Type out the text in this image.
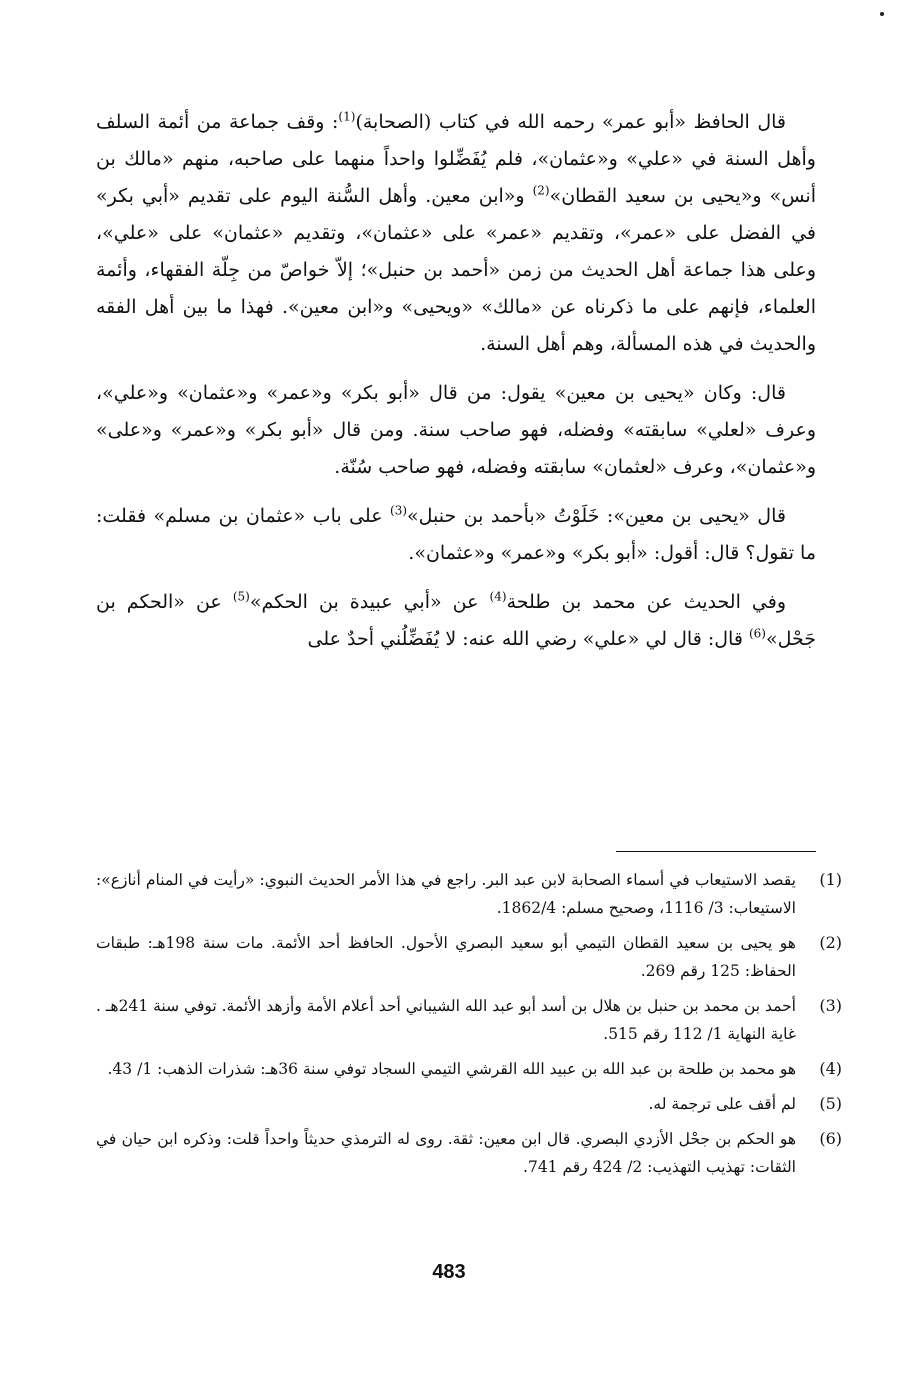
قال الحافظ «أبو عمر» رحمه الله في كتاب (الصحابة)$^{(1)}$: وقف جماعة من أئمة السلف وأهل السنة في «علي» و«عثمان»، فلم يُفَضِّلوا واحداً منهما على صاحبه، منهم «مالك بن أنس» و«يحيى بن سعيد القطان»$^{(2)}$ و«ابن معين. وأهل السُّنة اليوم على تقديم «أبي بكر» في الفضل على «عمر»، وتقديم «عمر» على «عثمان»، وتقديم «عثمان» على «علي»، وعلى هذا جماعة أهل الحديث من زمن «أحمد بن حنبل»؛ إلاّ خواصّ من جِلّة الفقهاء، وأئمة العلماء، فإنهم على ما ذكرناه عن «مالك» «ويحيى» و«ابن معين». فهذا ما بين أهل الفقه والحديث في هذه المسألة، وهم أهل السنة.

قال: وكان «يحيى بن معين» يقول: من قال «أبو بكر» و«عمر» و«عثمان» و«علي»، وعرف «لعلي» سابقته» وفضله، فهو صاحب سنة. ومن قال «أبو بكر» و«عمر» و«على» و«عثمان»، وعرف «لعثمان» سابقته وفضله، فهو صاحب سُنّة.

قال «يحيى بن معين»: خَلَوْتُ «بأحمد بن حنبل»$^{(3)}$ على باب «عثمان بن مسلم» فقلت: ما تقول؟ قال: أقول: «أبو بكر» و«عمر» و«عثمان».

وفي الحديث عن محمد بن طلحة$^{(4)}$ عن «أبي عبيدة بن الحكم»$^{(5)}$ عن «الحكم بن جَحْل»$^{(6)}$ قال: قال لي «علي» رضي الله عنه: لا يُفَضِّلُني أحدٌ على

(1)
يقصد الاستيعاب في أسماء الصحابة لابن عبد البر. راجع في هذا الأمر الحديث النبوي: «رأيت في المنام أنازع»: الاستيعاب: 3/ 1116، وصحيح مسلم: 1862/4.
(2)
هو يحيى بن سعيد القطان التيمي أبو سعيد البصري الأحول. الحافظ أحد الأئمة. مات سنة 198هـ: طبقات الحفاظ: 125 رقم 269.
(3)
أحمد بن محمد بن حنبل بن هلال بن أسد أبو عبد الله الشيباني أحد أعلام الأمة وأزهد الأئمة. توفي سنة 241هـ . غاية النهاية 1/ 112 رقم 515.
(4)
هو محمد بن طلحة بن عبد الله بن عبيد الله القرشي التيمي السجاد توفي سنة 36هـ: شذرات الذهب: 1/ 43.
(5)
لم أقف على ترجمة له.
(6)
هو الحكم بن جحْل الأزدي البصري. قال ابن معين: ثقة. روى له الترمذي حديثاً واحداً قلت: وذكره ابن حيان في الثقات: تهذيب التهذيب: 2/ 424 رقم 741.
483
